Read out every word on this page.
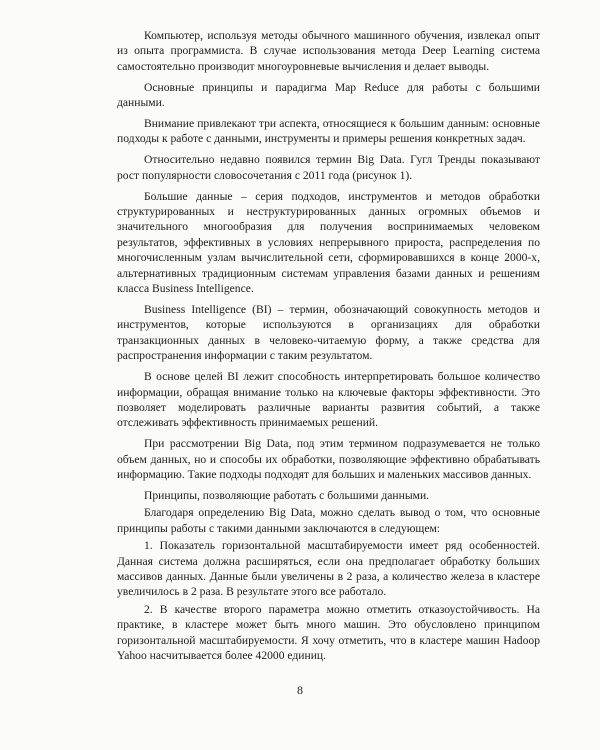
Компьютер, используя методы обычного машинного обучения, извлекал опыт из опыта программиста. В случае использования метода Deep Learning система самостоятельно производит многоуровневые вычисления и делает выводы.

Основные принципы и парадигма Map Reduce для работы с большими данными.

Внимание привлекают три аспекта, относящиеся к большим данным: основные подходы к работе с данными, инструменты и примеры решения конкретных задач.

Относительно недавно появился термин Big Data. Гугл Тренды показывают рост популярности словосочетания с 2011 года (рисунок 1).

Большие данные – серия подходов, инструментов и методов обработки структурированных и неструктурированных данных огромных объемов и значительного многообразия для получения воспринимаемых человеком результатов, эффективных в условиях непрерывного прироста, распределения по многочисленным узлам вычислительной сети, сформировавшихся в конце 2000-х, альтернативных традиционным системам управления базами данных и решениям класса Business Intelligence.

Business Intelligence (BI) – термин, обозначающий совокупность методов и инструментов, которые используются в организациях для обработки транзакционных данных в человеко-читаемую форму, а также средства для распространения информации с таким результатом.

В основе целей BI лежит способность интерпретировать большое количество информации, обращая внимание только на ключевые факторы эффективности. Это позволяет моделировать различные варианты развития событий, а также отслеживать эффективность принимаемых решений.

При рассмотрении Big Data, под этим термином подразумевается не только объем данных, но и способы их обработки, позволяющие эффективно обрабатывать информацию. Такие подходы подходят для больших и маленьких массивов данных.

Принципы, позволяющие работать с большими данными.

Благодаря определению Big Data, можно сделать вывод о том, что основные принципы работы с такими данными заключаются в следующем:

1. Показатель горизонтальной масштабируемости имеет ряд особенностей. Данная система должна расширяться, если она предполагает обработку больших массивов данных. Данные были увеличены в 2 раза, а количество железа в кластере увеличилось в 2 раза. В результате этого все работало.

2. В качестве второго параметра можно отметить отказоустойчивость. На практике, в кластере может быть много машин. Это обусловлено принципом горизонтальной масштабируемости. Я хочу отметить, что в кластере машин Hadoop Yahoo насчитывается более 42000 единиц.

8
